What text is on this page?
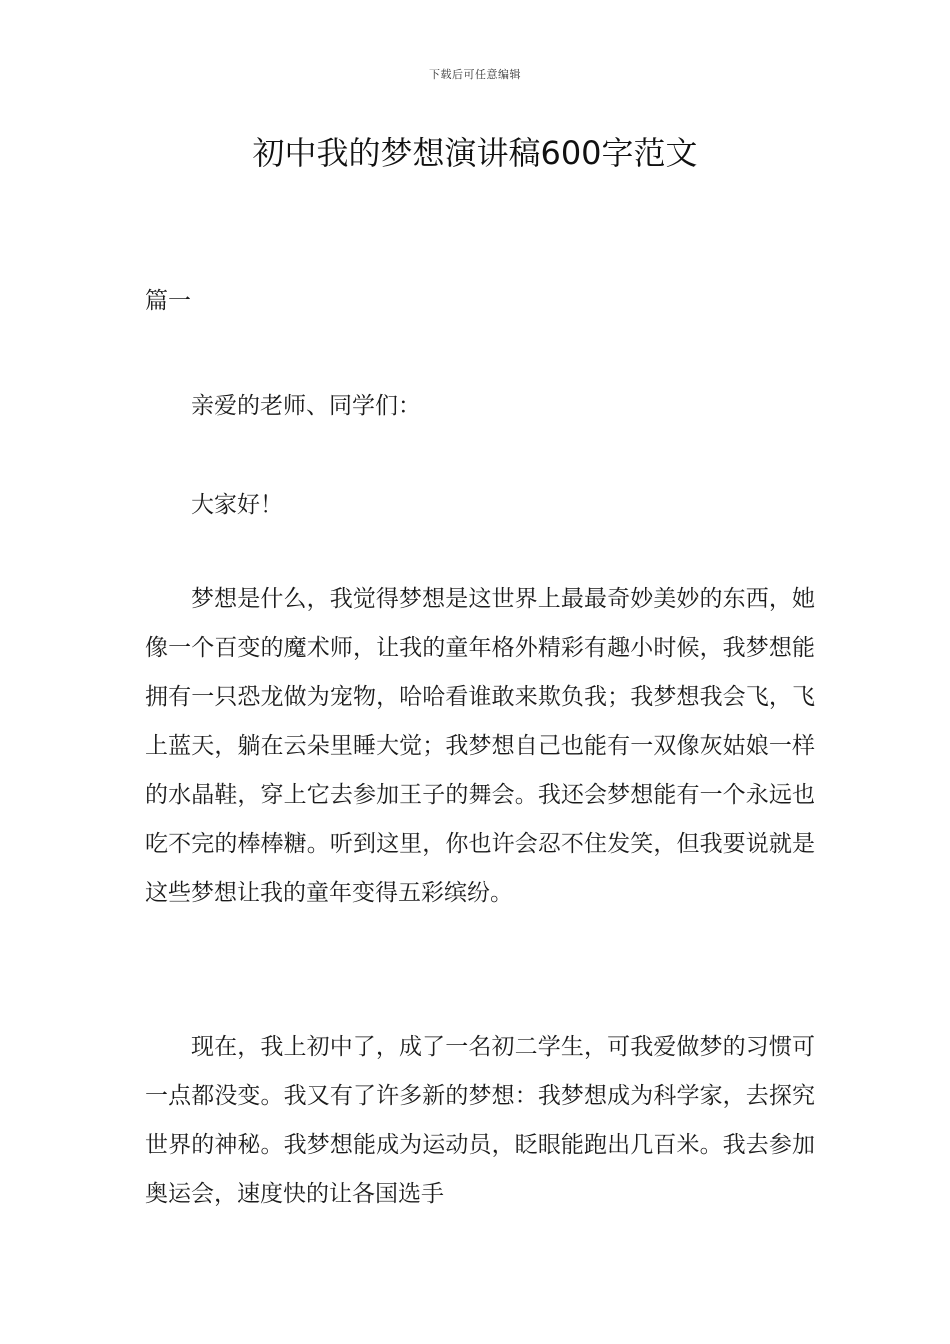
下载后可任意编辑
初中我的梦想演讲稿600字范文
篇一

亲爱的老师、同学们：

大家好！

梦想是什么，我觉得梦想是这世界上最最奇妙美妙的东西，她像一个百变的魔术师，让我的童年格外精彩有趣小时候，我梦想能拥有一只恐龙做为宠物，哈哈看谁敢来欺负我；我梦想我会飞，飞上蓝天，躺在云朵里睡大觉；我梦想自己也能有一双像灰姑娘一样的水晶鞋，穿上它去参加王子的舞会。我还会梦想能有一个永远也吃不完的棒棒糖。听到这里，你也许会忍不住发笑，但我要说就是这些梦想让我的童年变得五彩缤纷。

现在，我上初中了，成了一名初二学生，可我爱做梦的习惯可一点都没变。我又有了许多新的梦想：我梦想成为科学家，去探究世界的神秘。我梦想能成为运动员，眨眼能跑出几百米。我去参加奥运会，速度快的让各国选手
